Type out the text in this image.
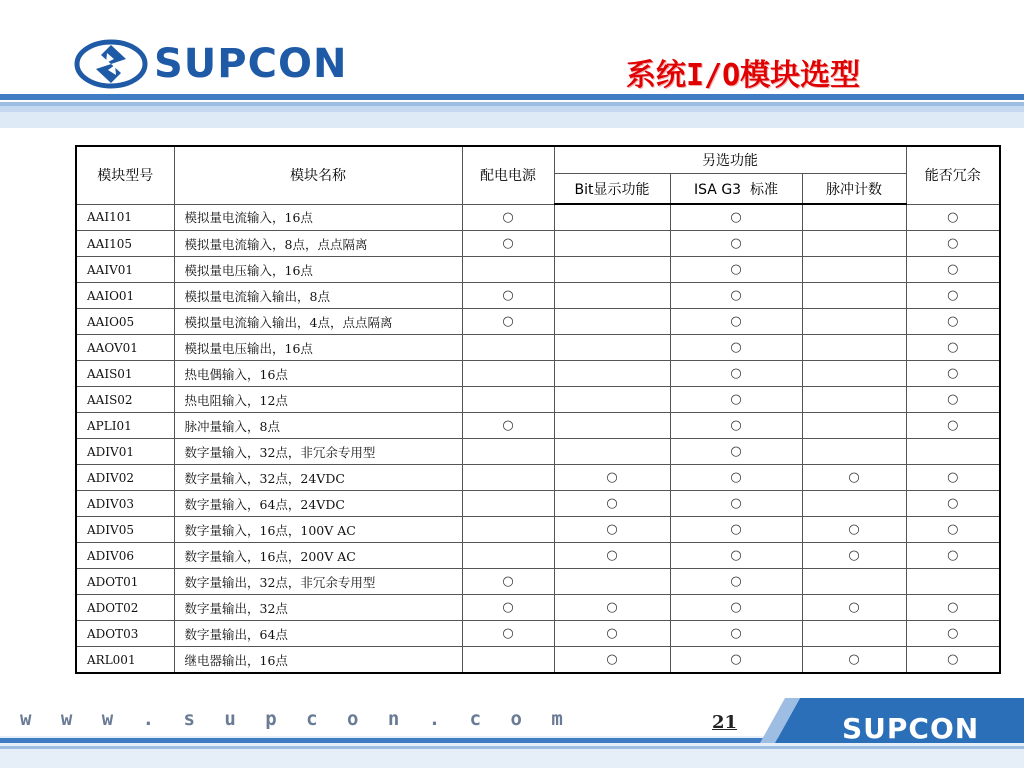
SUPCON	系统I/O模块选型
模块型号	模块名称	配电电源	另选功能			能否冗余
			Bit显示功能	ISA G3  标准	脉冲计数	
AAI101	模拟量电流输入，16点	○		○		○
AAI105	模拟量电流输入，8点，点点隔离	○		○		○
AAIV01	模拟量电压输入，16点			○		○
AAIO01	模拟量电流输入输出，8点	○		○		○
AAIO05	模拟量电流输入输出，4点，点点隔离	○		○		○
AAOV01	模拟量电压输出，16点			○		○
AAIS01	热电偶输入，16点			○		○
AAIS02	热电阻输入，12点			○		○
APLI01	脉冲量输入，8点	○		○		○
ADIV01	数字量输入，32点，非冗余专用型			○		
ADIV02	数字量输入，32点，24VDC		○	○	○	○
ADIV03	数字量输入，64点，24VDC		○	○		○
ADIV05	数字量输入，16点，100V AC		○	○	○	○
ADIV06	数字量输入，16点，200V AC		○	○	○	○
ADOT01	数字量输出，32点，非冗余专用型	○		○		
ADOT02	数字量输出，32点	○	○	○	○	○
ADOT03	数字量输出，64点	○	○	○		○
ARL001	继电器输出，16点		○	○	○	○
w w w . s u p c o n . c o m	21	SUPCON
